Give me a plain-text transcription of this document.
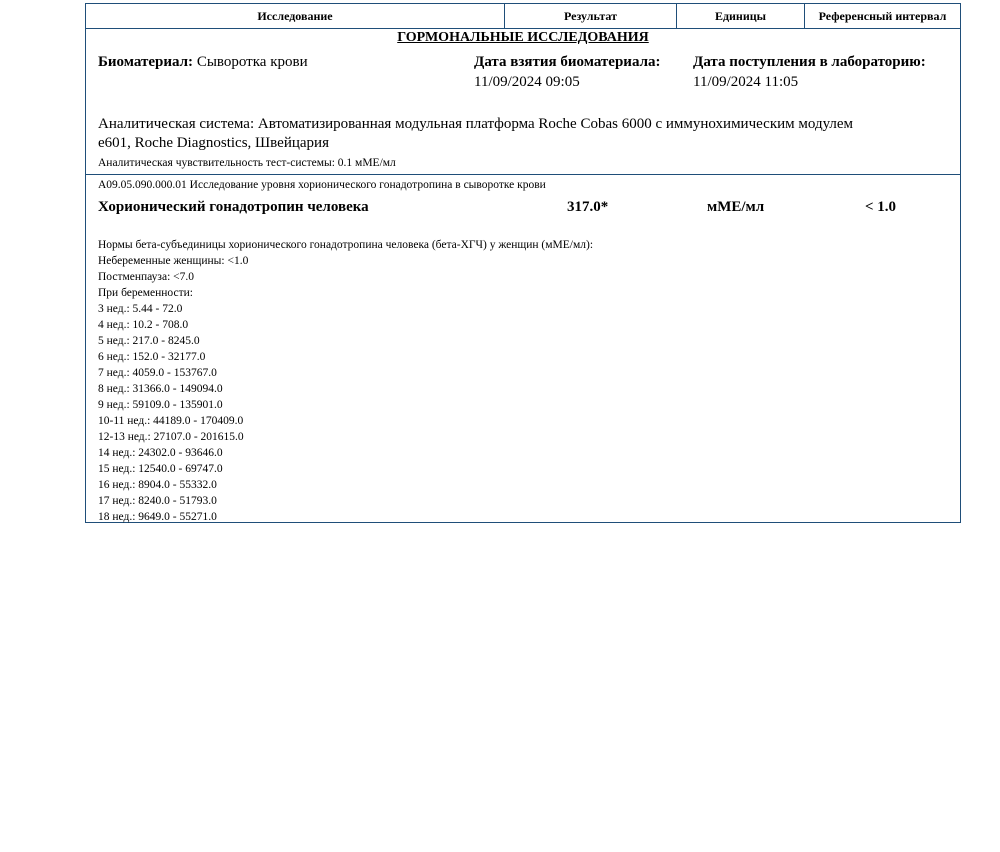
Исследование	Результат	Единицы	Референсный интервал
ГОРМОНАЛЬНЫЕ ИССЛЕДОВАНИЯ
Биоматериал: Сыворотка крови	Дата взятия биоматериала:
11/09/2024 09:05
Дата поступления в лабораторию:
11/09/2024 11:05
Аналитическая система: Автоматизированная модульная платформа Roche Cobas 6000 с иммунохимическим модулем
e601, Roche Diagnostics, Швейцария
Аналитическая чувствительность тест-системы: 0.1 мМЕ/мл
A09.05.090.000.01 Исследование уровня хорионического гонадотропина в сыворотке крови
Хорионический гонадотропин человека	317.0*	мМЕ/мл	< 1.0
Нормы бета-субъединицы хорионического гонадотропина человека (бета-ХГЧ) у женщин (мМЕ/мл):
Небеременные женщины: <1.0
Постменпауза: <7.0
При беременности:
3 нед.: 5.44 - 72.0
4 нед.: 10.2 - 708.0
5 нед.: 217.0 - 8245.0
6 нед.: 152.0 - 32177.0
7 нед.: 4059.0 - 153767.0
8 нед.: 31366.0 - 149094.0
9 нед.: 59109.0 - 135901.0
10-11 нед.: 44189.0 - 170409.0
12-13 нед.: 27107.0 - 201615.0
14 нед.: 24302.0 - 93646.0
15 нед.: 12540.0 - 69747.0
16 нед.: 8904.0 - 55332.0
17 нед.: 8240.0 - 51793.0
18 нед.: 9649.0 - 55271.0
